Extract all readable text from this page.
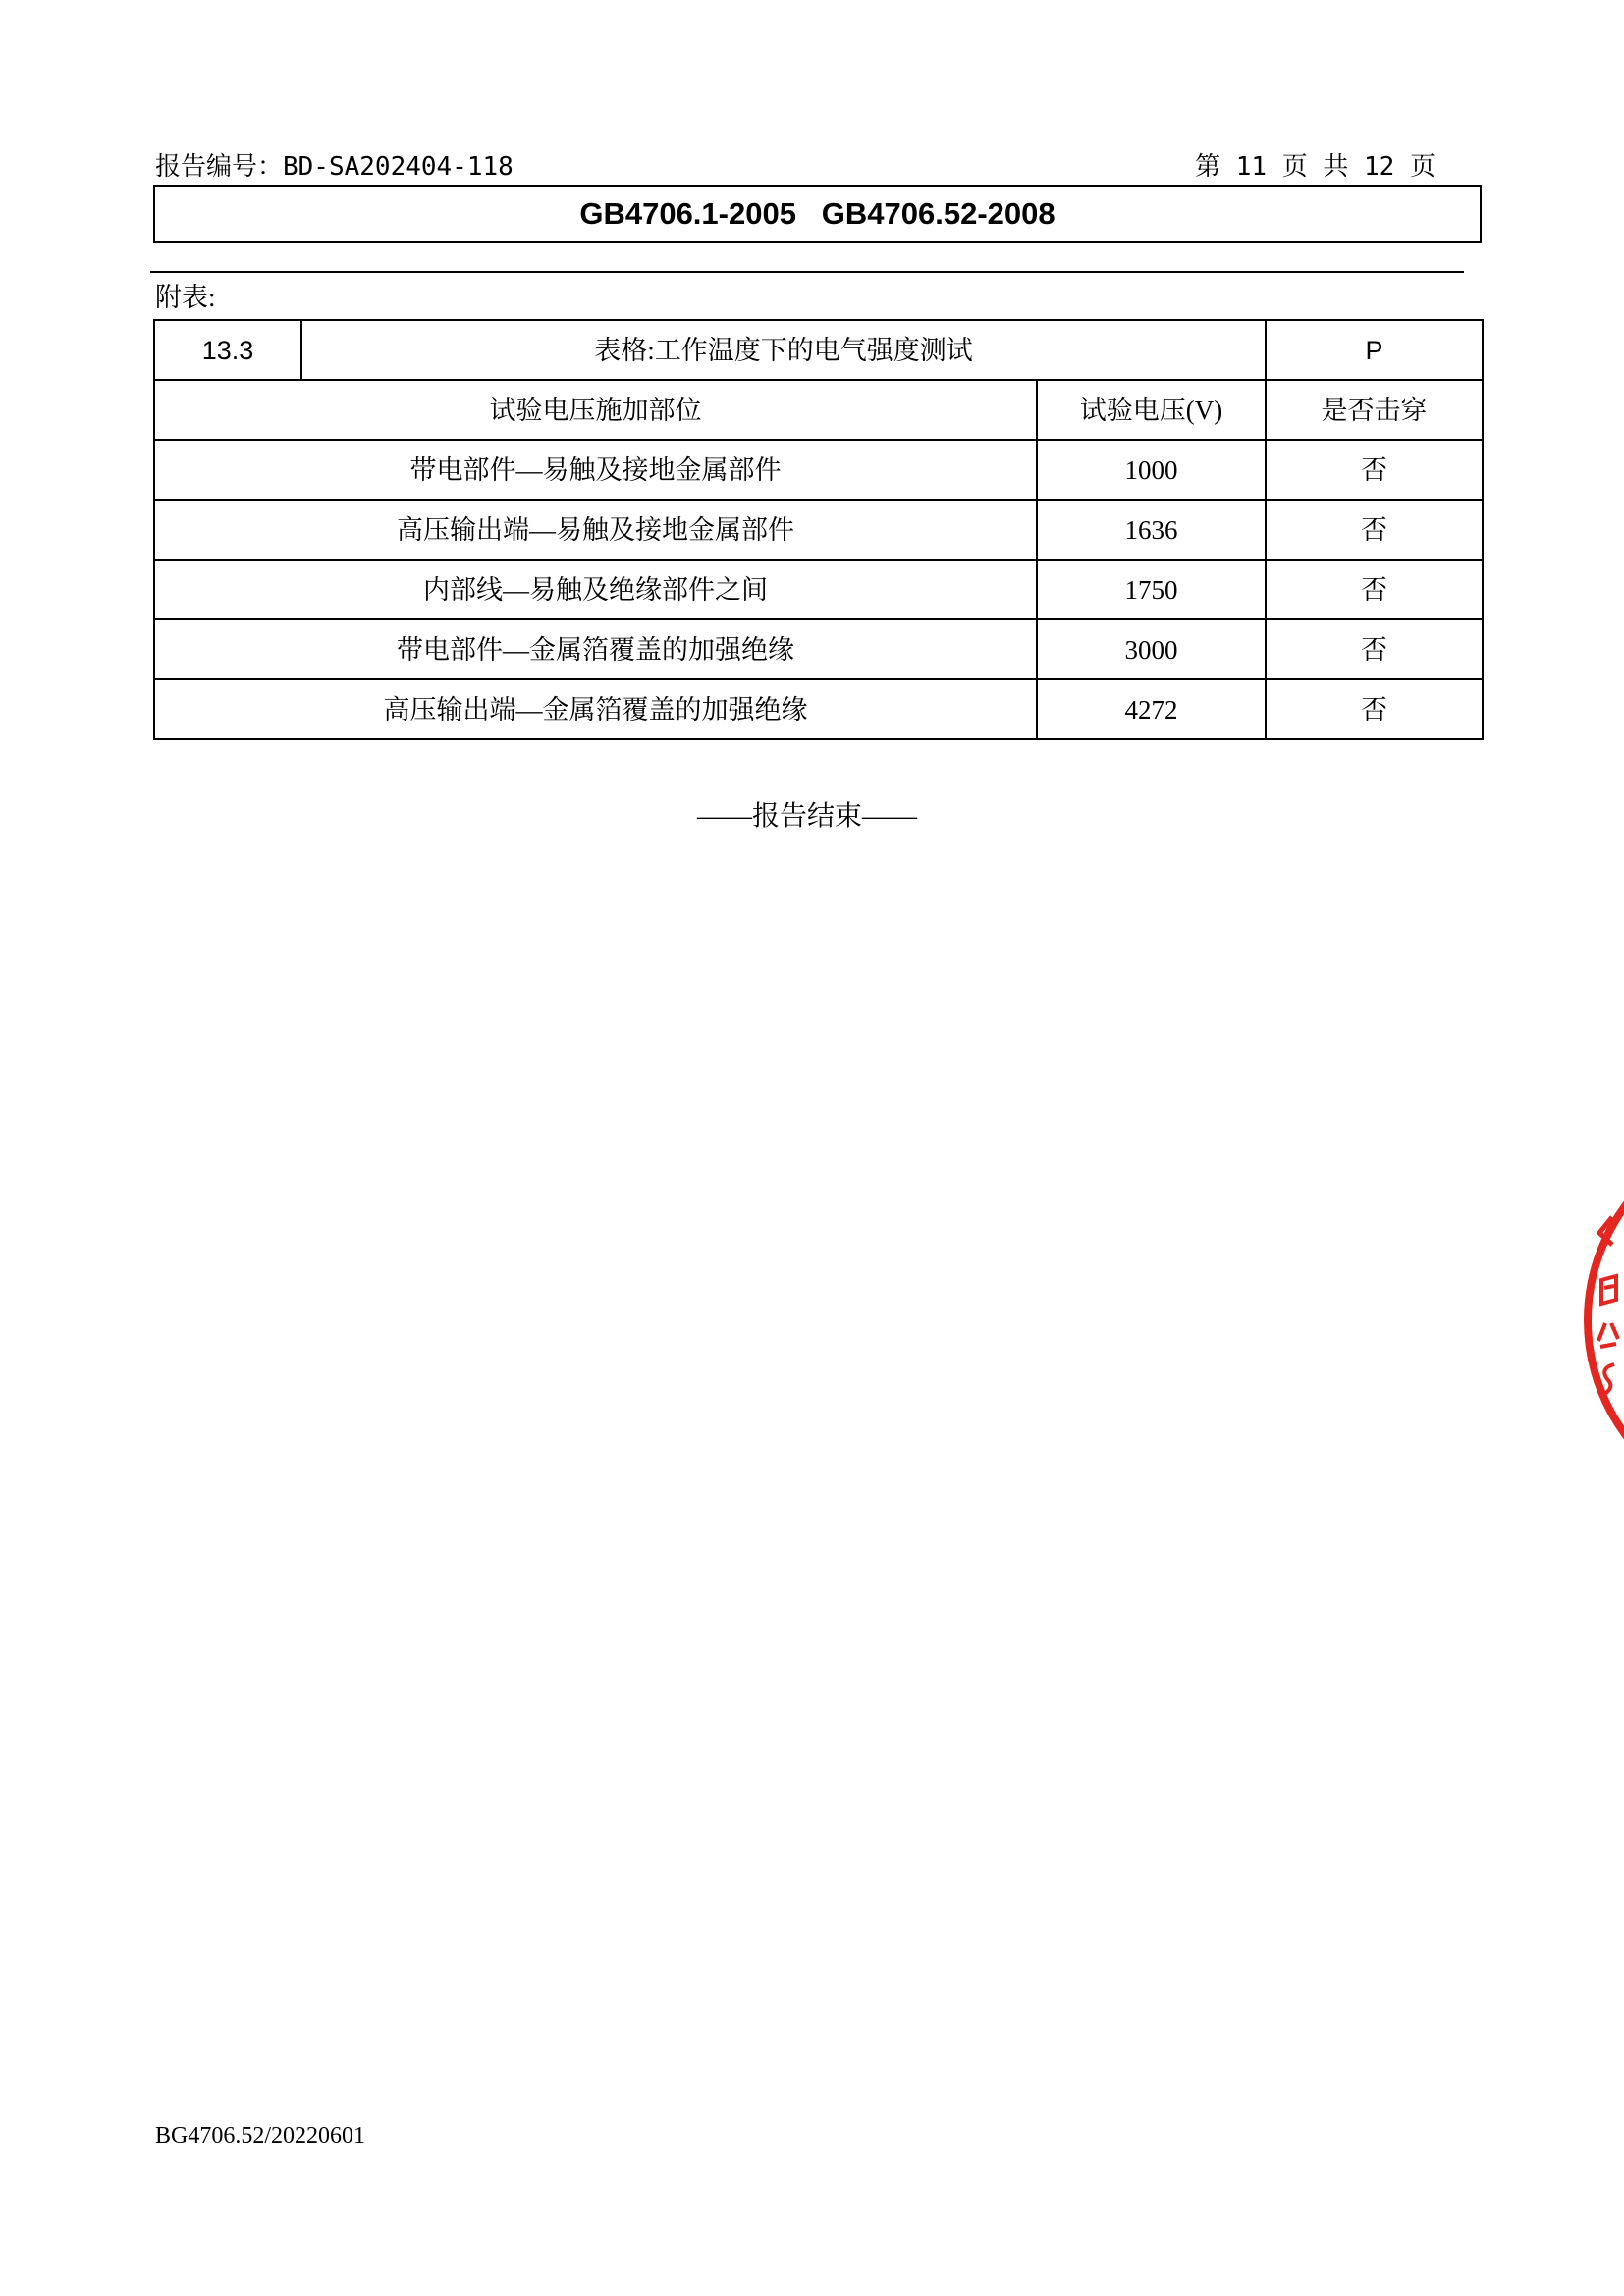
报告编号：BD-SA202404-118	第 11 页 共 12 页
GB4706.1-2005   GB4706.52-2008
附表:
13.3	表格:工作温度下的电气强度测试		P
试验电压施加部位		试验电压(V)	是否击穿
带电部件—易触及接地金属部件		1000	否
高压输出端—易触及接地金属部件		1636	否
内部线—易触及绝缘部件之间		1750	否
带电部件—金属箔覆盖的加强绝缘		3000	否
高压输出端—金属箔覆盖的加强绝缘		4272	否
——报告结束——
BG4706.52/20220601
